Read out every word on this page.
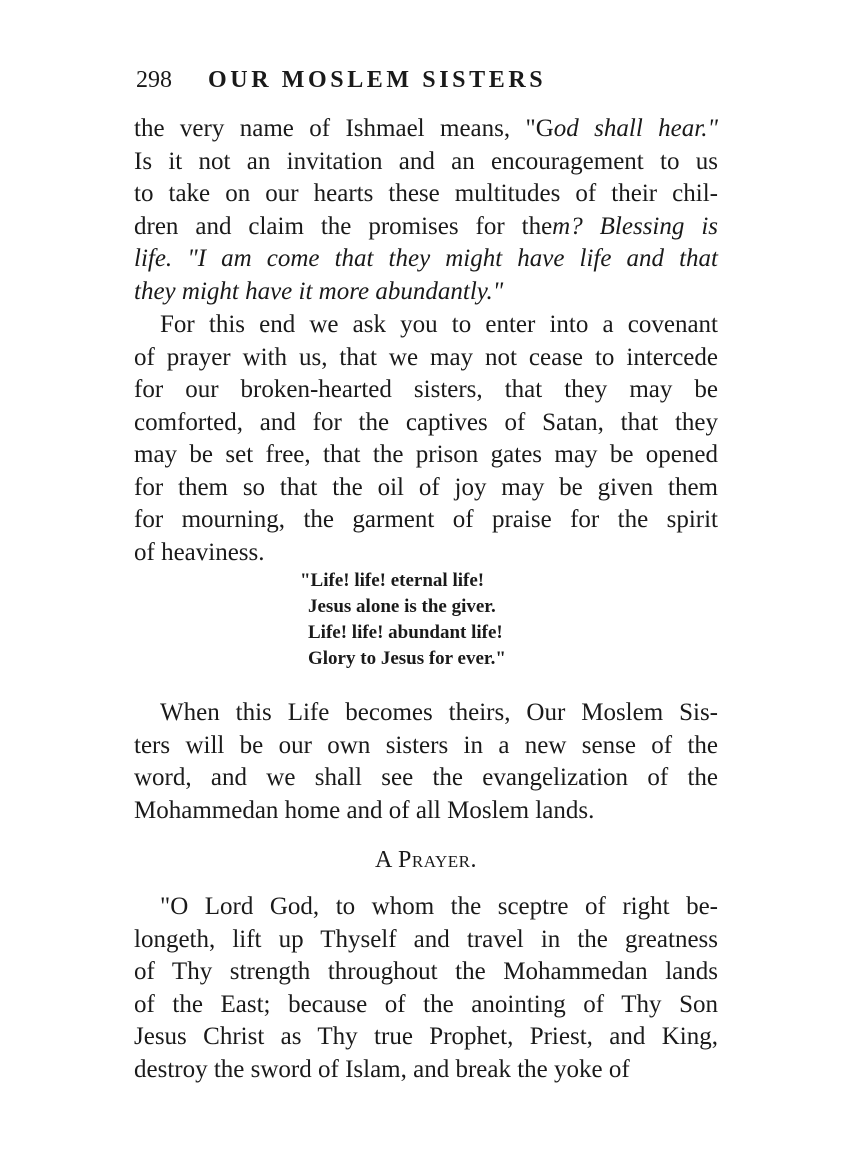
298 OUR MOSLEM SISTERS
the very name of Ishmael means, "God shall hear."
Is it not an invitation and an encouragement to us
to take on our hearts these multitudes of their chil-
dren and claim the promises for them? Blessing is
life. "I am come that they might have life and that
they might have it more abundantly."
For this end we ask you to enter into a covenant
of prayer with us, that we may not cease to intercede
for our broken-hearted sisters, that they may be
comforted, and for the captives of Satan, that they
may be set free, that the prison gates may be opened
for them so that the oil of joy may be given them
for mourning, the garment of praise for the spirit
of heaviness.
"Life! life! eternal life!
Jesus alone is the giver.
Life! life! abundant life!
Glory to Jesus for ever."
When this Life becomes theirs, Our Moslem Sis-
ters will be our own sisters in a new sense of the
word, and we shall see the evangelization of the
Mohammedan home and of all Moslem lands.
A Prayer.
"O Lord God, to whom the sceptre of right be-
longeth, lift up Thyself and travel in the greatness
of Thy strength throughout the Mohammedan lands
of the East; because of the anointing of Thy Son
Jesus Christ as Thy true Prophet, Priest, and King,
destroy the sword of Islam, and break the yoke of
